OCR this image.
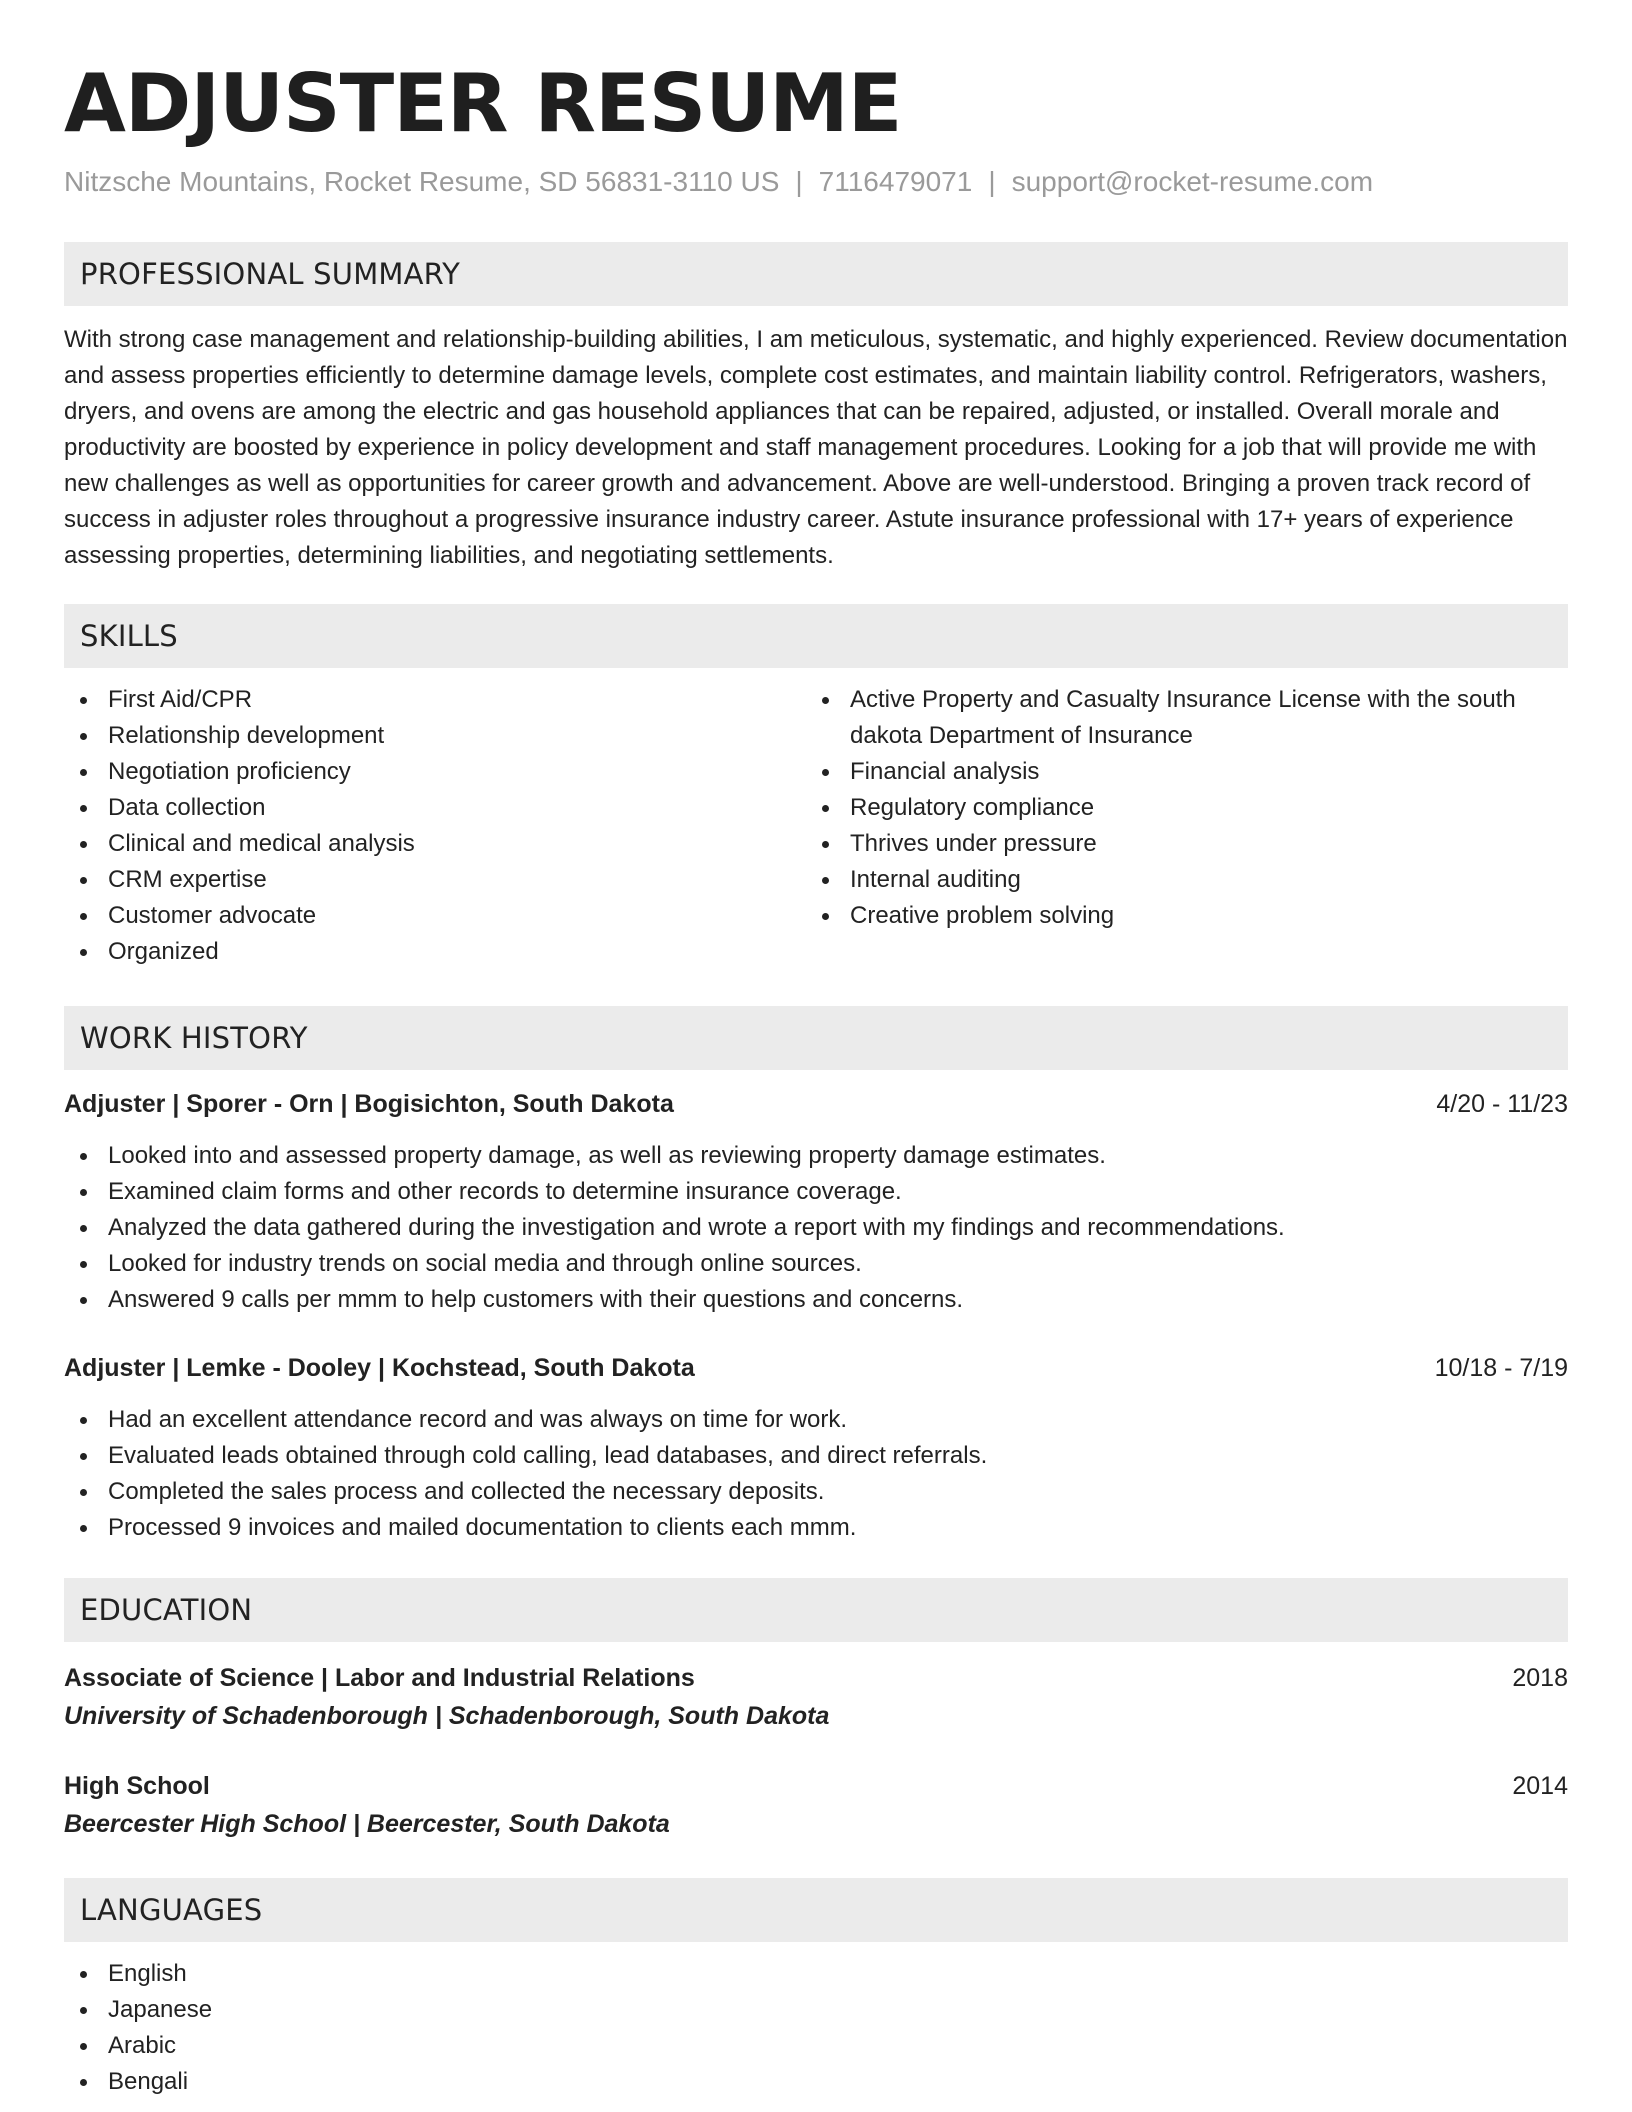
ADJUSTER RESUME
Nitzsche Mountains, Rocket Resume, SD 56831-3110 US | 7116479071 | support@rocket-resume.com
PROFESSIONAL SUMMARY

With strong case management and relationship-building abilities, I am meticulous, systematic, and highly experienced. Review documentation and assess properties efficiently to determine damage levels, complete cost estimates, and maintain liability control. Refrigerators, washers, dryers, and ovens are among the electric and gas household appliances that can be repaired, adjusted, or installed. Overall morale and productivity are boosted by experience in policy development and staff management procedures. Looking for a job that will provide me with new challenges as well as opportunities for career growth and advancement. Above are well-understood. Bringing a proven track record of success in adjuster roles throughout a progressive insurance industry career. Astute insurance professional with 17+ years of experience assessing properties, determining liabilities, and negotiating settlements.

SKILLS
First Aid/CPR
Relationship development
Negotiation proficiency
Data collection
Clinical and medical analysis
CRM expertise
Customer advocate
Organized
Active Property and Casualty Insurance License with the south dakota Department of Insurance
Financial analysis
Regulatory compliance
Thrives under pressure
Internal auditing
Creative problem solving
WORK HISTORY
Adjuster | Sporer - Orn | Bogisichton, South Dakota	4/20 - 11/23
Looked into and assessed property damage, as well as reviewing property damage estimates.
Examined claim forms and other records to determine insurance coverage.
Analyzed the data gathered during the investigation and wrote a report with my findings and recommendations.
Looked for industry trends on social media and through online sources.
Answered 9 calls per mmm to help customers with their questions and concerns.
Adjuster | Lemke - Dooley | Kochstead, South Dakota	10/18 - 7/19
Had an excellent attendance record and was always on time for work.
Evaluated leads obtained through cold calling, lead databases, and direct referrals.
Completed the sales process and collected the necessary deposits.
Processed 9 invoices and mailed documentation to clients each mmm.
EDUCATION
Associate of Science | Labor and Industrial Relations	2018
University of Schadenborough | Schadenborough, South Dakota
High School	2014
Beercester High School | Beercester, South Dakota
LANGUAGES
English
Japanese
Arabic
Bengali
